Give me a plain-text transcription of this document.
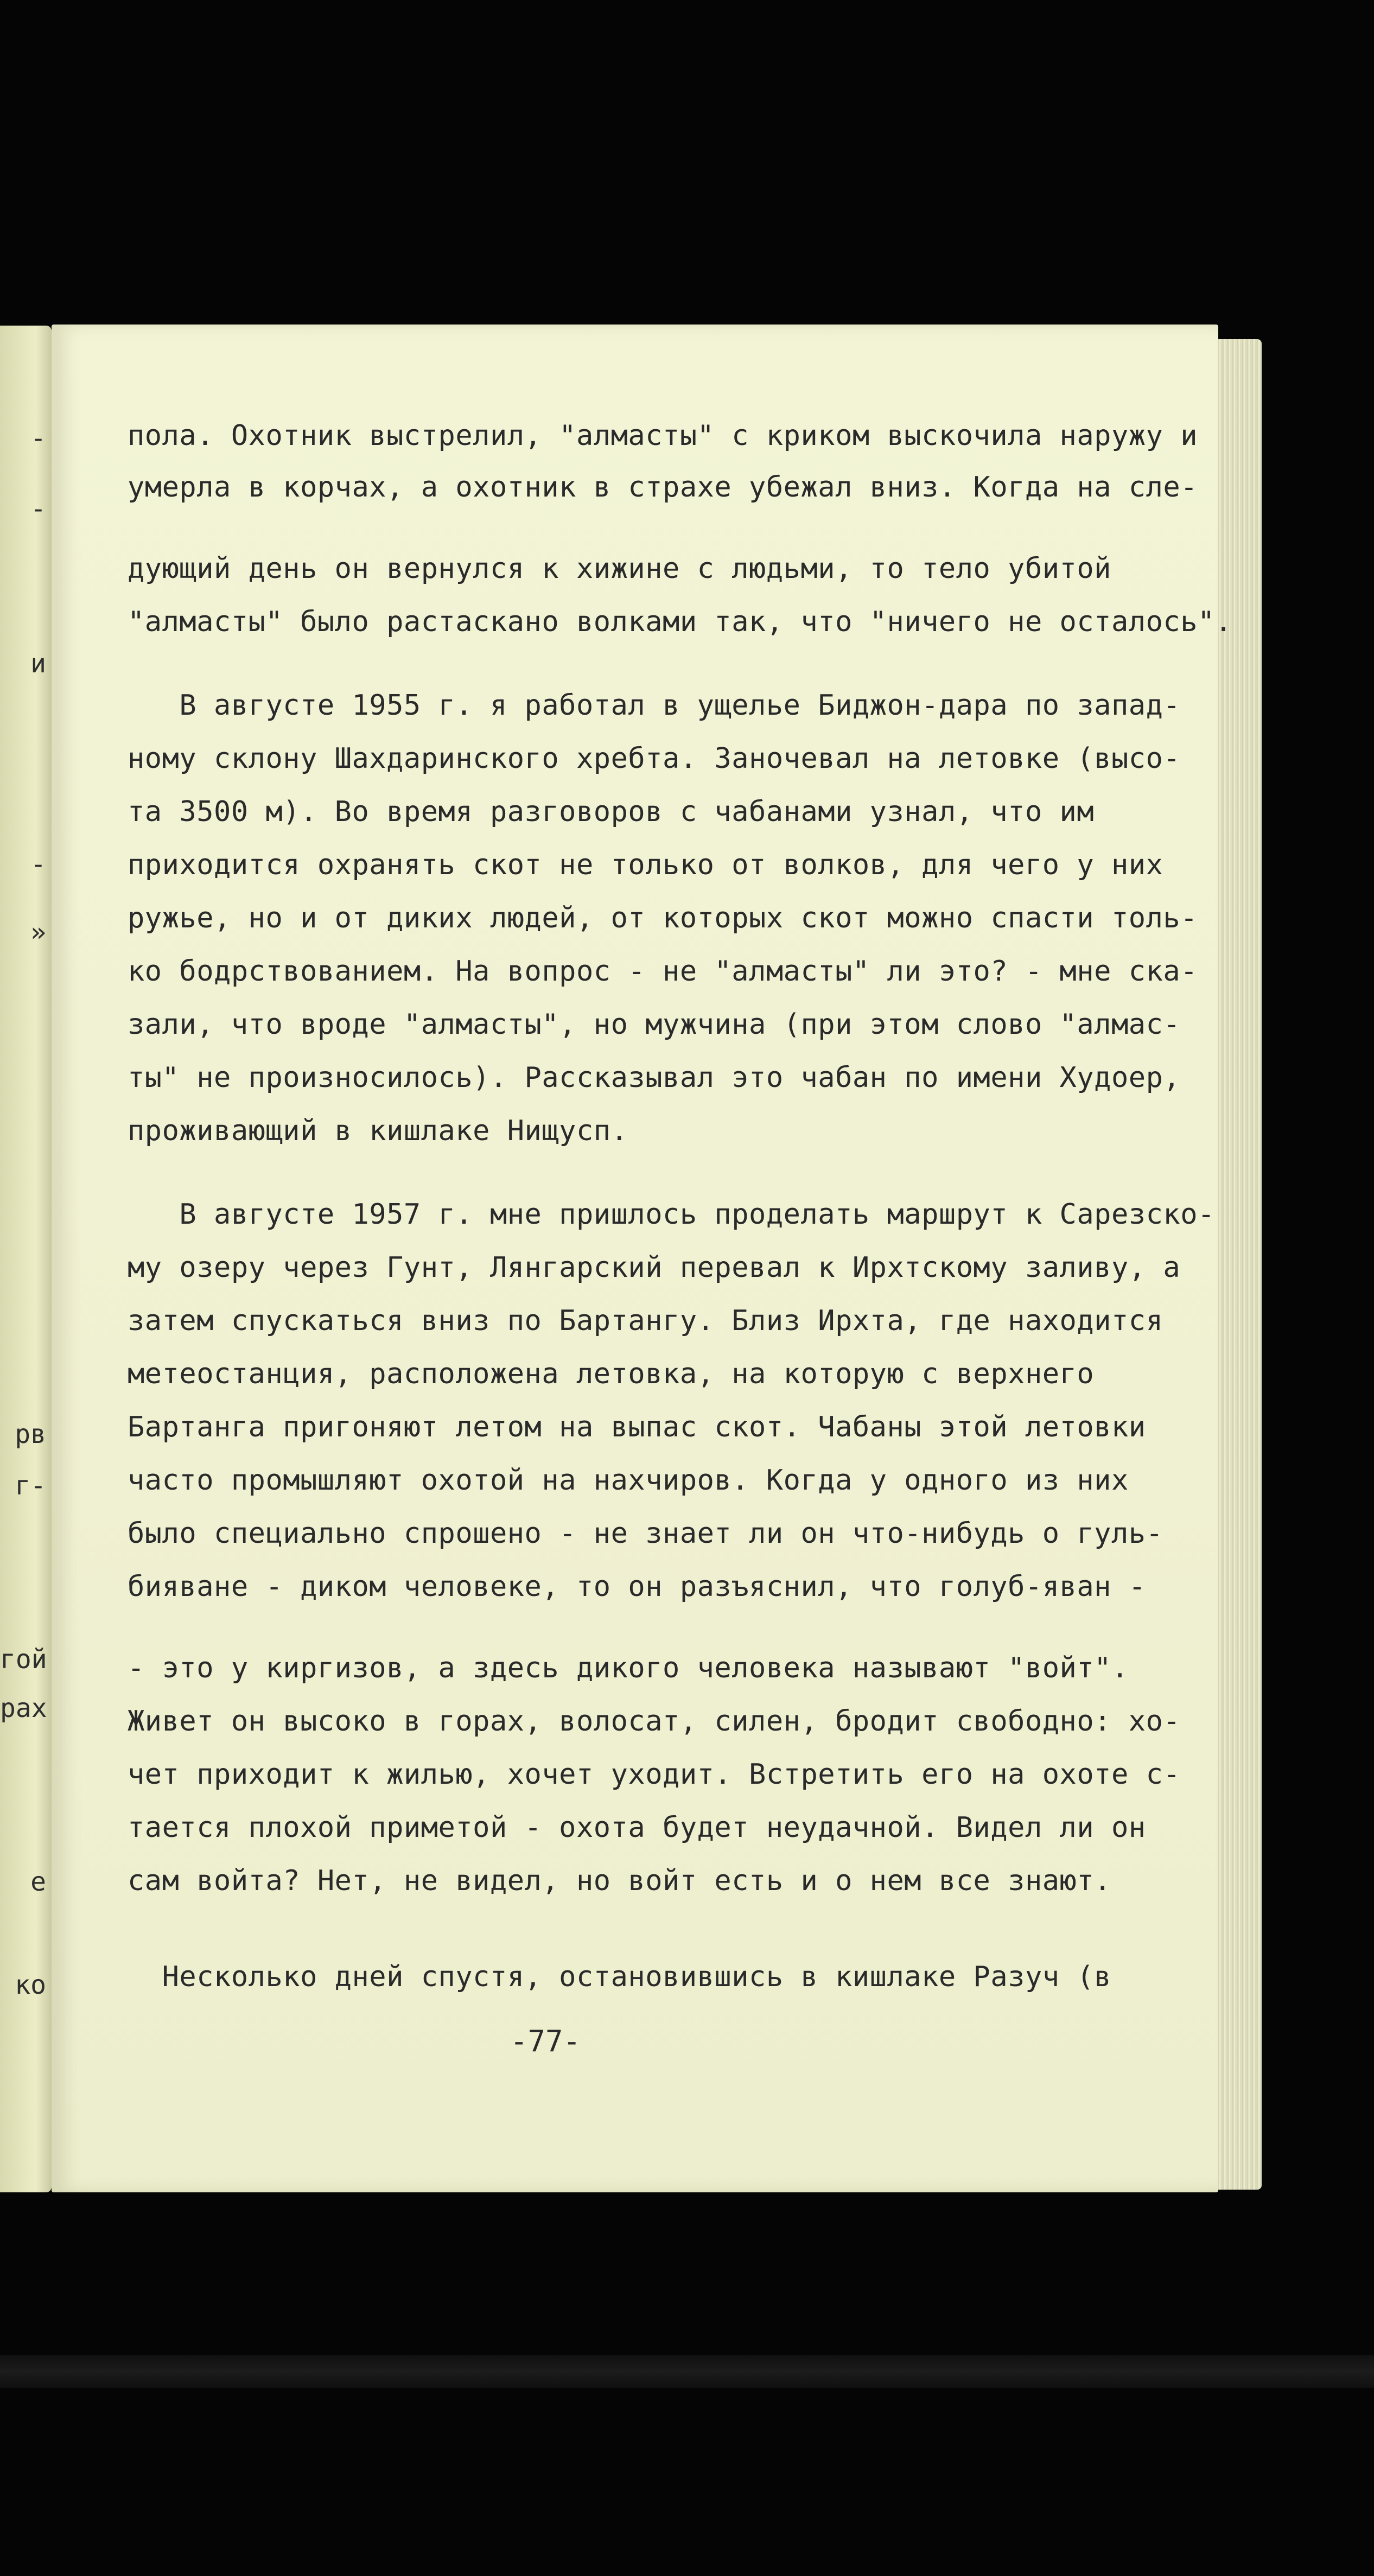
-
-
и
-
»
рв
г-
гой
рах
е
ко
пола. Охотник выстрелил, "алмасты" с криком выскочила наружу и
умерла в корчах, а охотник в страхе убежал вниз. Когда на сле-
дующий день он вернулся к хижине с людьми, то тело убитой
"алмасты" было растаскано волками так, что "ничего не осталось".
В августе 1955 г. я работал в ущелье Биджон-дара по запад-
ному склону Шахдаринского хребта. Заночевал на летовке (высо-
та 3500 м). Во время разговоров с чабанами узнал, что им
приходится охранять скот не только от волков, для чего у них
ружье, но и от диких людей, от которых скот можно спасти толь-
ко бодрствованием. На вопрос - не "алмасты" ли это? - мне ска-
зали, что вроде "алмасты", но мужчина (при этом слово "алмас-
ты" не произносилось). Рассказывал это чабан по имени Худоер,
проживающий в кишлаке Нищусп.
В августе 1957 г. мне пришлось проделать маршрут к Сарезско-
му озеру через Гунт, Лянгарский перевал к Ирхтскому заливу, а
затем спускаться вниз по Бартангу. Близ Ирхта, где находится
метеостанция, расположена летовка, на которую с верхнего
Бартанга пригоняют летом на выпас скот. Чабаны этой летовки
часто промышляют охотой на нахчиров. Когда у одного из них
было специально спрошено - не знает ли он что-нибудь о гуль-
бияване - диком человеке, то он разъяснил, что голуб-яван -
- это у киргизов, а здесь дикого человека называют "войт".
Живет он высоко в горах, волосат, силен, бродит свободно: хо-
чет приходит к жилью, хочет уходит. Встретить его на охоте с-
тается плохой приметой - охота будет неудачной. Видел ли он
сам войта? Нет, не видел, но войт есть и о нем все знают.
Несколько дней спустя, остановившись в кишлаке Разуч (в
-77-
